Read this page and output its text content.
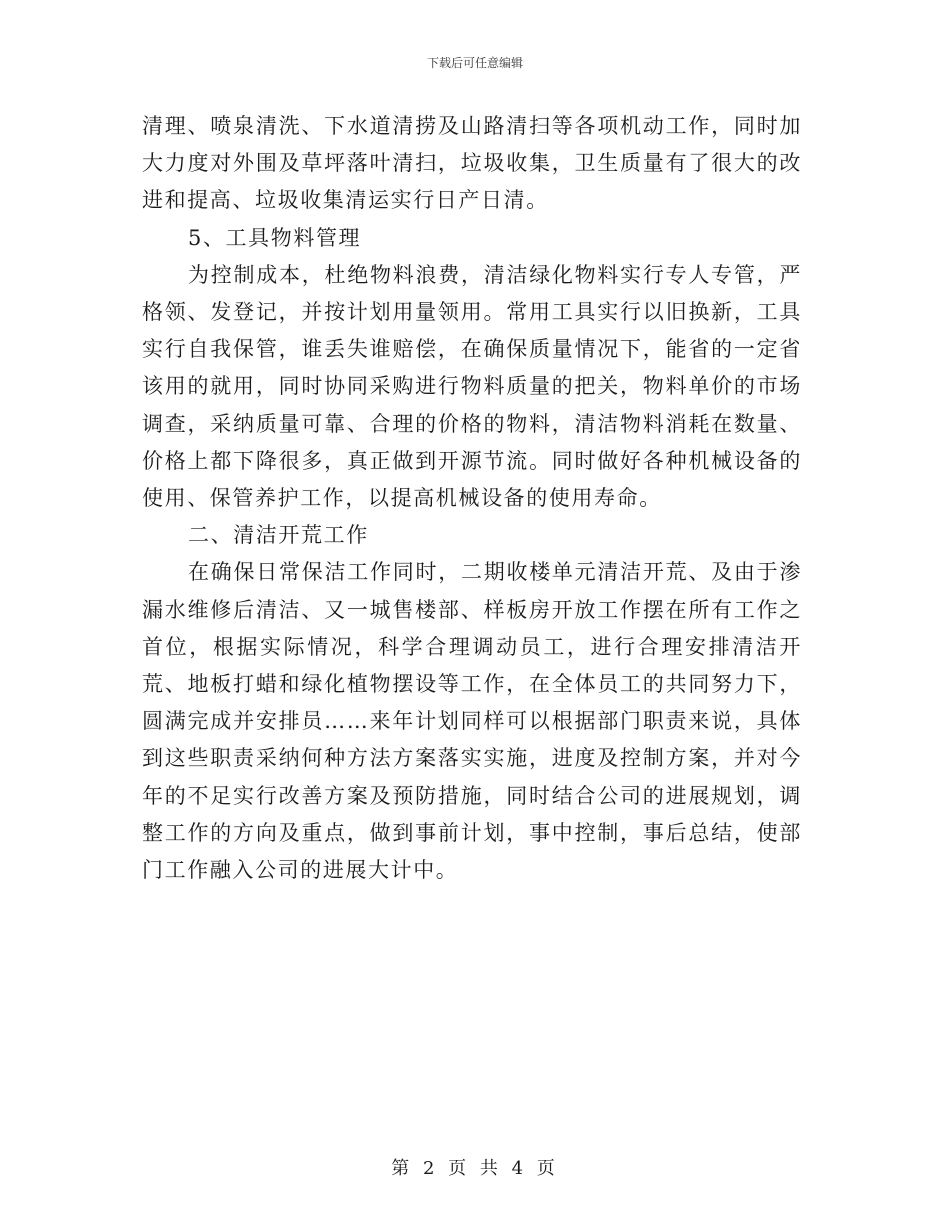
下载后可任意编辑

清理、喷泉清洗、下水道清捞及山路清扫等各项机动工作，同时加大力度对外围及草坪落叶清扫，垃圾收集，卫生质量有了很大的改进和提高、垃圾收集清运实行日产日清。

5、工具物料管理

为控制成本，杜绝物料浪费，清洁绿化物料实行专人专管，严格领、发登记，并按计划用量领用。常用工具实行以旧换新，工具实行自我保管，谁丢失谁赔偿，在确保质量情况下，能省的一定省该用的就用，同时协同采购进行物料质量的把关，物料单价的市场调查，采纳质量可靠、合理的价格的物料，清洁物料消耗在数量、价格上都下降很多，真正做到开源节流。同时做好各种机械设备的使用、保管养护工作，以提高机械设备的使用寿命。

二、清洁开荒工作

在确保日常保洁工作同时，二期收楼单元清洁开荒、及由于渗漏水维修后清洁、又一城售楼部、样板房开放工作摆在所有工作之首位，根据实际情况，科学合理调动员工，进行合理安排清洁开荒、地板打蜡和绿化植物摆设等工作，在全体员工的共同努力下，圆满完成并安排员……来年计划同样可以根据部门职责来说，具体到这些职责采纳何种方法方案落实实施，进度及控制方案，并对今年的不足实行改善方案及预防措施，同时结合公司的进展规划，调整工作的方向及重点，做到事前计划，事中控制，事后总结，使部门工作融入公司的进展大计中。

第 2 页 共 4 页
